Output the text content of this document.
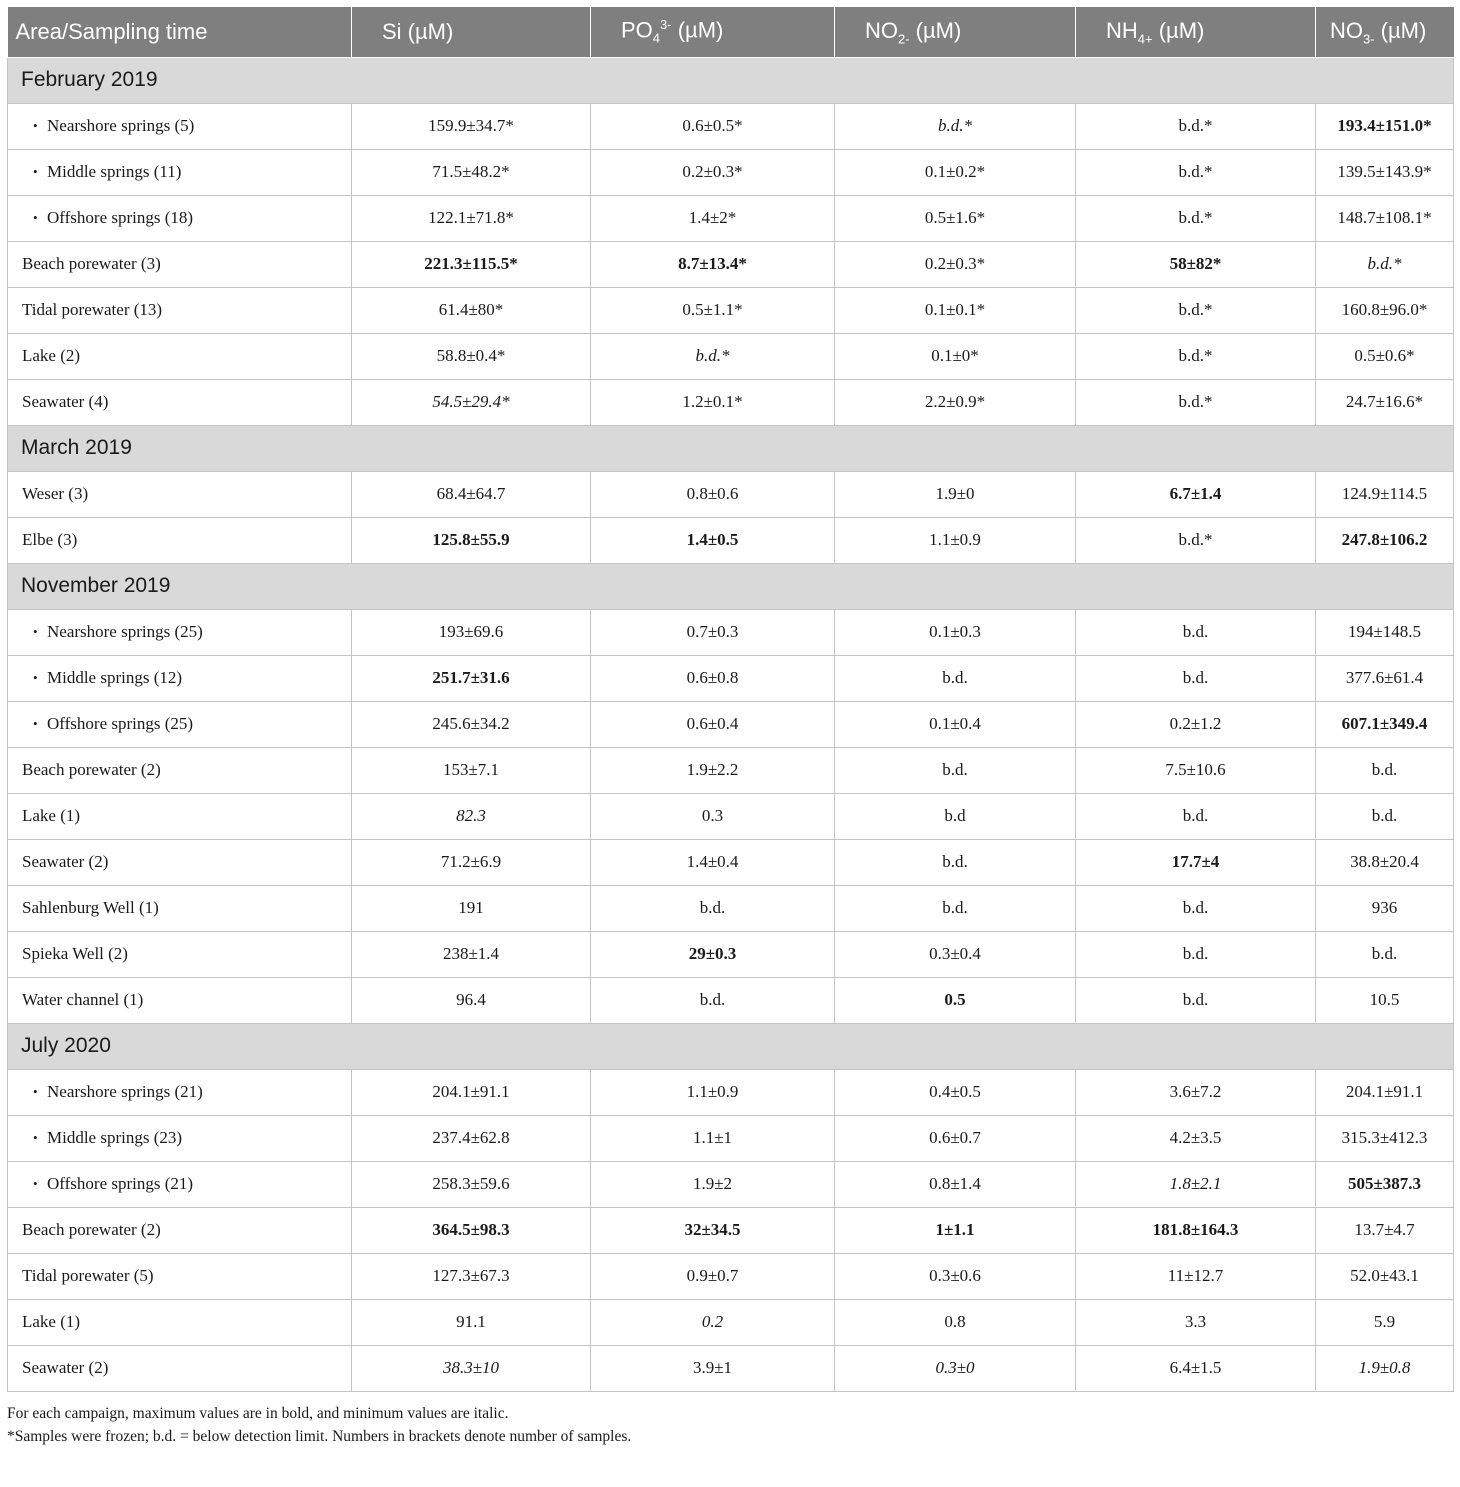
Area/Sampling time	Si (µM)	$PO_4^{3-}$ (µM)	$NO_{2-}$ (µM)	$NH_{4+}$ (µM)	$NO_{3-}$ (µM)
February 2019					
• Nearshore springs (5)	159.9±34.7*	0.6±0.5*	b.d.*	b.d.*	193.4±151.0*
• Middle springs (11)	71.5±48.2*	0.2±0.3*	0.1±0.2*	b.d.*	139.5±143.9*
• Offshore springs (18)	122.1±71.8*	1.4±2*	0.5±1.6*	b.d.*	148.7±108.1*
Beach porewater (3)	221.3±115.5*	8.7±13.4*	0.2±0.3*	58±82*	b.d.*
Tidal porewater (13)	61.4±80*	0.5±1.1*	0.1±0.1*	b.d.*	160.8±96.0*
Lake (2)	58.8±0.4*	b.d.*	0.1±0*	b.d.*	0.5±0.6*
Seawater (4)	54.5±29.4*	1.2±0.1*	2.2±0.9*	b.d.*	24.7±16.6*
March 2019					
Weser (3)	68.4±64.7	0.8±0.6	1.9±0	6.7±1.4	124.9±114.5
Elbe (3)	125.8±55.9	1.4±0.5	1.1±0.9	b.d.*	247.8±106.2
November 2019					
• Nearshore springs (25)	193±69.6	0.7±0.3	0.1±0.3	b.d.	194±148.5
• Middle springs (12)	251.7±31.6	0.6±0.8	b.d.	b.d.	377.6±61.4
• Offshore springs (25)	245.6±34.2	0.6±0.4	0.1±0.4	0.2±1.2	607.1±349.4
Beach porewater (2)	153±7.1	1.9±2.2	b.d.	7.5±10.6	b.d.
Lake (1)	82.3	0.3	b.d	b.d.	b.d.
Seawater (2)	71.2±6.9	1.4±0.4	b.d.	17.7±4	38.8±20.4
Sahlenburg Well (1)	191	b.d.	b.d.	b.d.	936
Spieka Well (2)	238±1.4	29±0.3	0.3±0.4	b.d.	b.d.
Water channel (1)	96.4	b.d.	0.5	b.d.	10.5
July 2020					
• Nearshore springs (21)	204.1±91.1	1.1±0.9	0.4±0.5	3.6±7.2	204.1±91.1
• Middle springs (23)	237.4±62.8	1.1±1	0.6±0.7	4.2±3.5	315.3±412.3
• Offshore springs (21)	258.3±59.6	1.9±2	0.8±1.4	1.8±2.1	505±387.3
Beach porewater (2)	364.5±98.3	32±34.5	1±1.1	181.8±164.3	13.7±4.7
Tidal porewater (5)	127.3±67.3	0.9±0.7	0.3±0.6	11±12.7	52.0±43.1
Lake (1)	91.1	0.2	0.8	3.3	5.9
Seawater (2)	38.3±10	3.9±1	0.3±0	6.4±1.5	1.9±0.8
For each campaign, maximum values are in bold, and minimum values are italic.
*Samples were frozen; b.d. = below detection limit. Numbers in brackets denote number of samples.
